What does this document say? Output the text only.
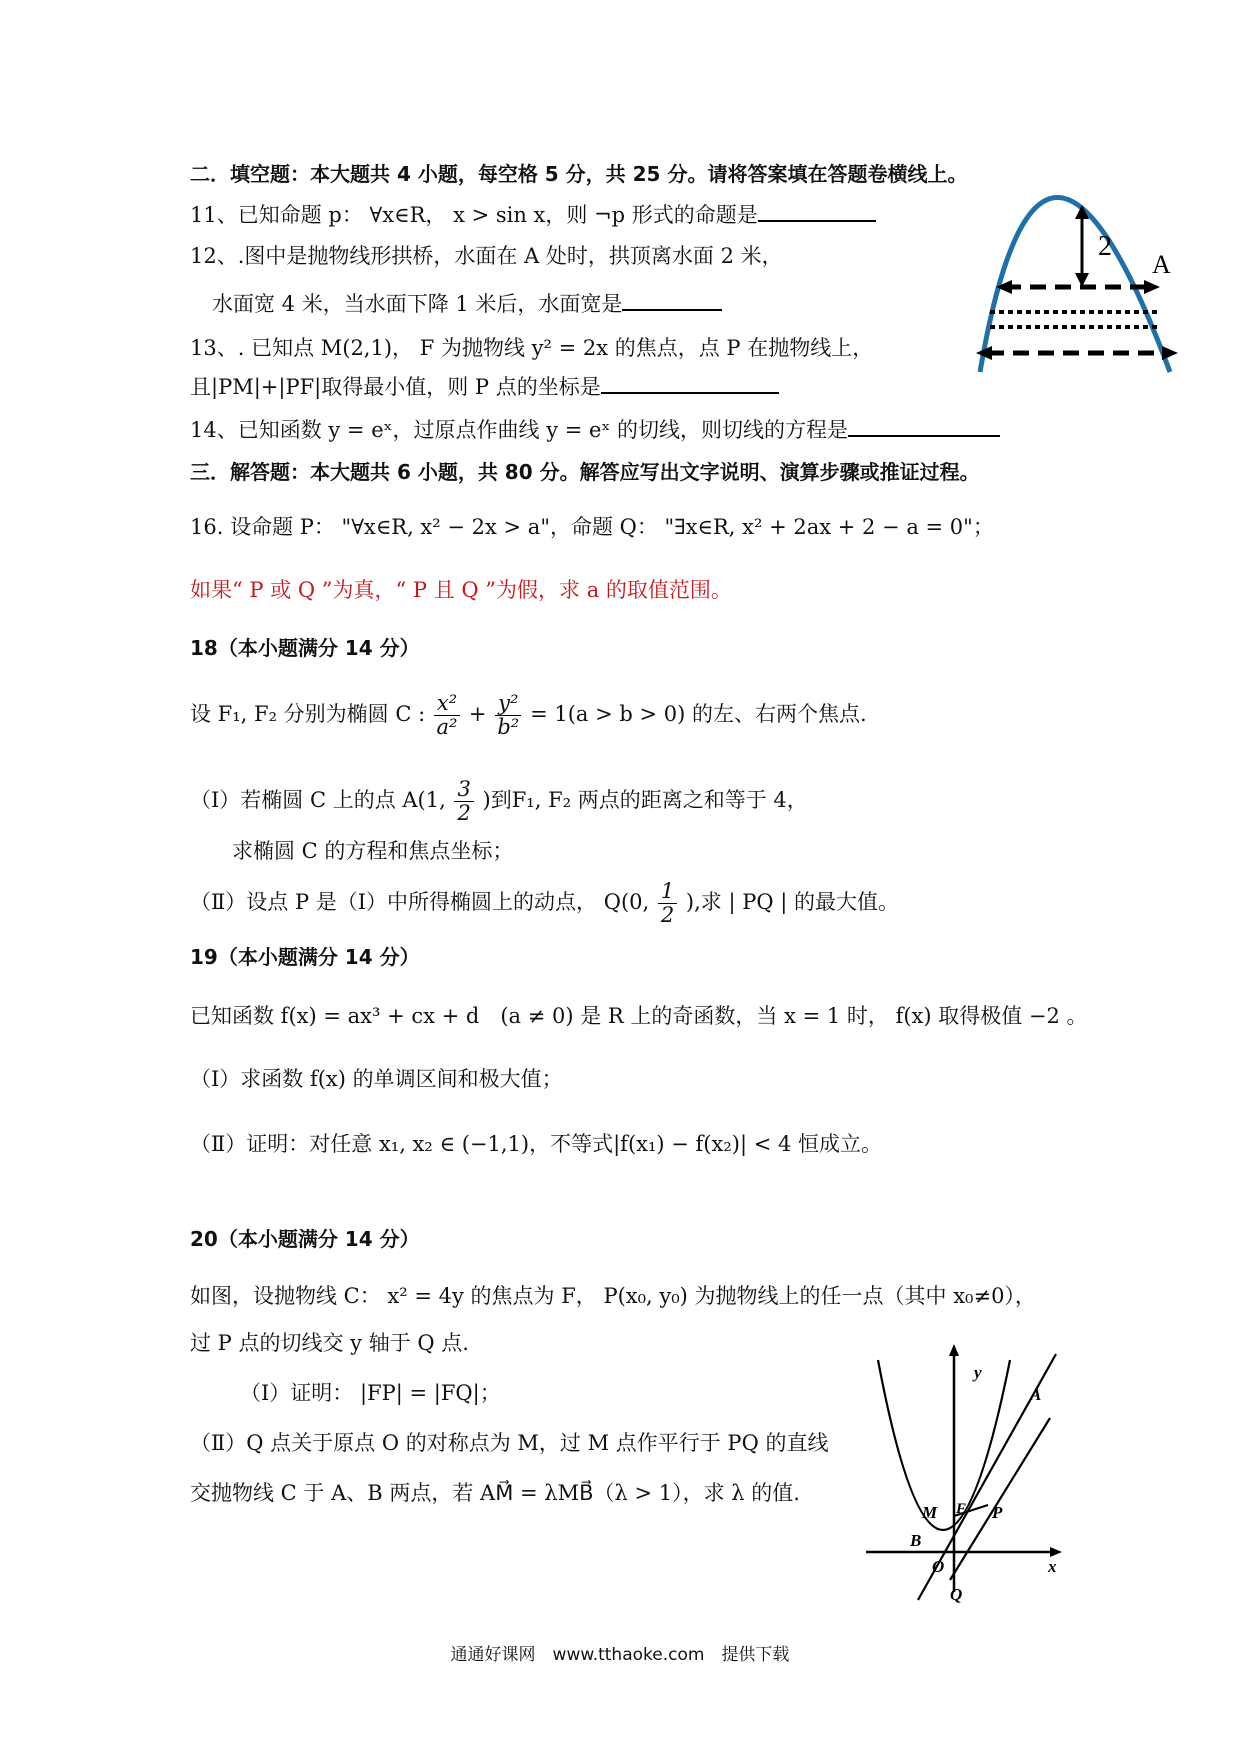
二．填空题：本大题共 4 小题，每空格 5 分，共 25 分。请将答案填在答题卷横线上。
11、已知命题 p： ∀x∈R， x > sin x，则 ¬p 形式的命题是
12、.图中是抛物线形拱桥，水面在 A 处时，拱顶离水面 2 米，
水面宽 4 米，当水面下降 1 米后，水面宽是
13、. 已知点 M(2,1)， F 为抛物线 y² = 2x 的焦点，点 P 在抛物线上，
且|PM|+|PF|取得最小值，则 P 点的坐标是
14、已知函数 y = eˣ，过原点作曲线 y = eˣ 的切线，则切线的方程是
三．解答题：本大题共 6 小题，共 80 分。解答应写出文字说明、演算步骤或推证过程。
16. 设命题 P： "∀x∈R, x² − 2x > a"，命题 Q： "∃x∈R, x² + 2ax + 2 − a = 0"；
如果“ P 或 Q ”为真，“ P 且 Q ”为假，求 a 的取值范围。
18（本小题满分 14 分）
设 F₁, F₂ 分别为椭圆 C : $\frac{\text{x²}}{\text{a²}} + \frac{\text{y²}}{\text{b²}} = 1(a > b > 0)$ 的左、右两个焦点.
（Ⅰ）若椭圆 C 上的点 A(1, $\frac{3}{2}$ )到F₁, F₂ 两点的距离之和等于 4，
求椭圆 C 的方程和焦点坐标；
（Ⅱ）设点 P 是（Ⅰ）中所得椭圆上的动点， Q(0, $\frac{1}{2}$ ),求 | PQ | 的最大值。
19（本小题满分 14 分）
已知函数 f(x) = ax³ + cx + d　(a ≠ 0) 是 R 上的奇函数，当 x = 1 时， f(x) 取得极值 −2 。
（Ⅰ）求函数 f(x) 的单调区间和极大值；
（Ⅱ）证明：对任意 x₁, x₂ ∈ (−1,1)，不等式|f(x₁) − f(x₂)| < 4 恒成立。
20（本小题满分 14 分）
如图，设抛物线 C： x² = 4y 的焦点为 F， P(x₀, y₀) 为抛物线上的任一点（其中 x₀≠0），
过 P 点的切线交 y 轴于 Q 点.
（Ⅰ）证明： |FP| = |FQ|；
（Ⅱ）Q 点关于原点 O 的对称点为 M，过 M 点作平行于 PQ 的直线
交抛物线 C 于 A、B 两点，若 AM⃗ = λMB⃗（λ > 1），求 λ 的值.
2
A
y
x
A
M F P
B
O
Q
通通好课网　www.tthaoke.com　提供下载
